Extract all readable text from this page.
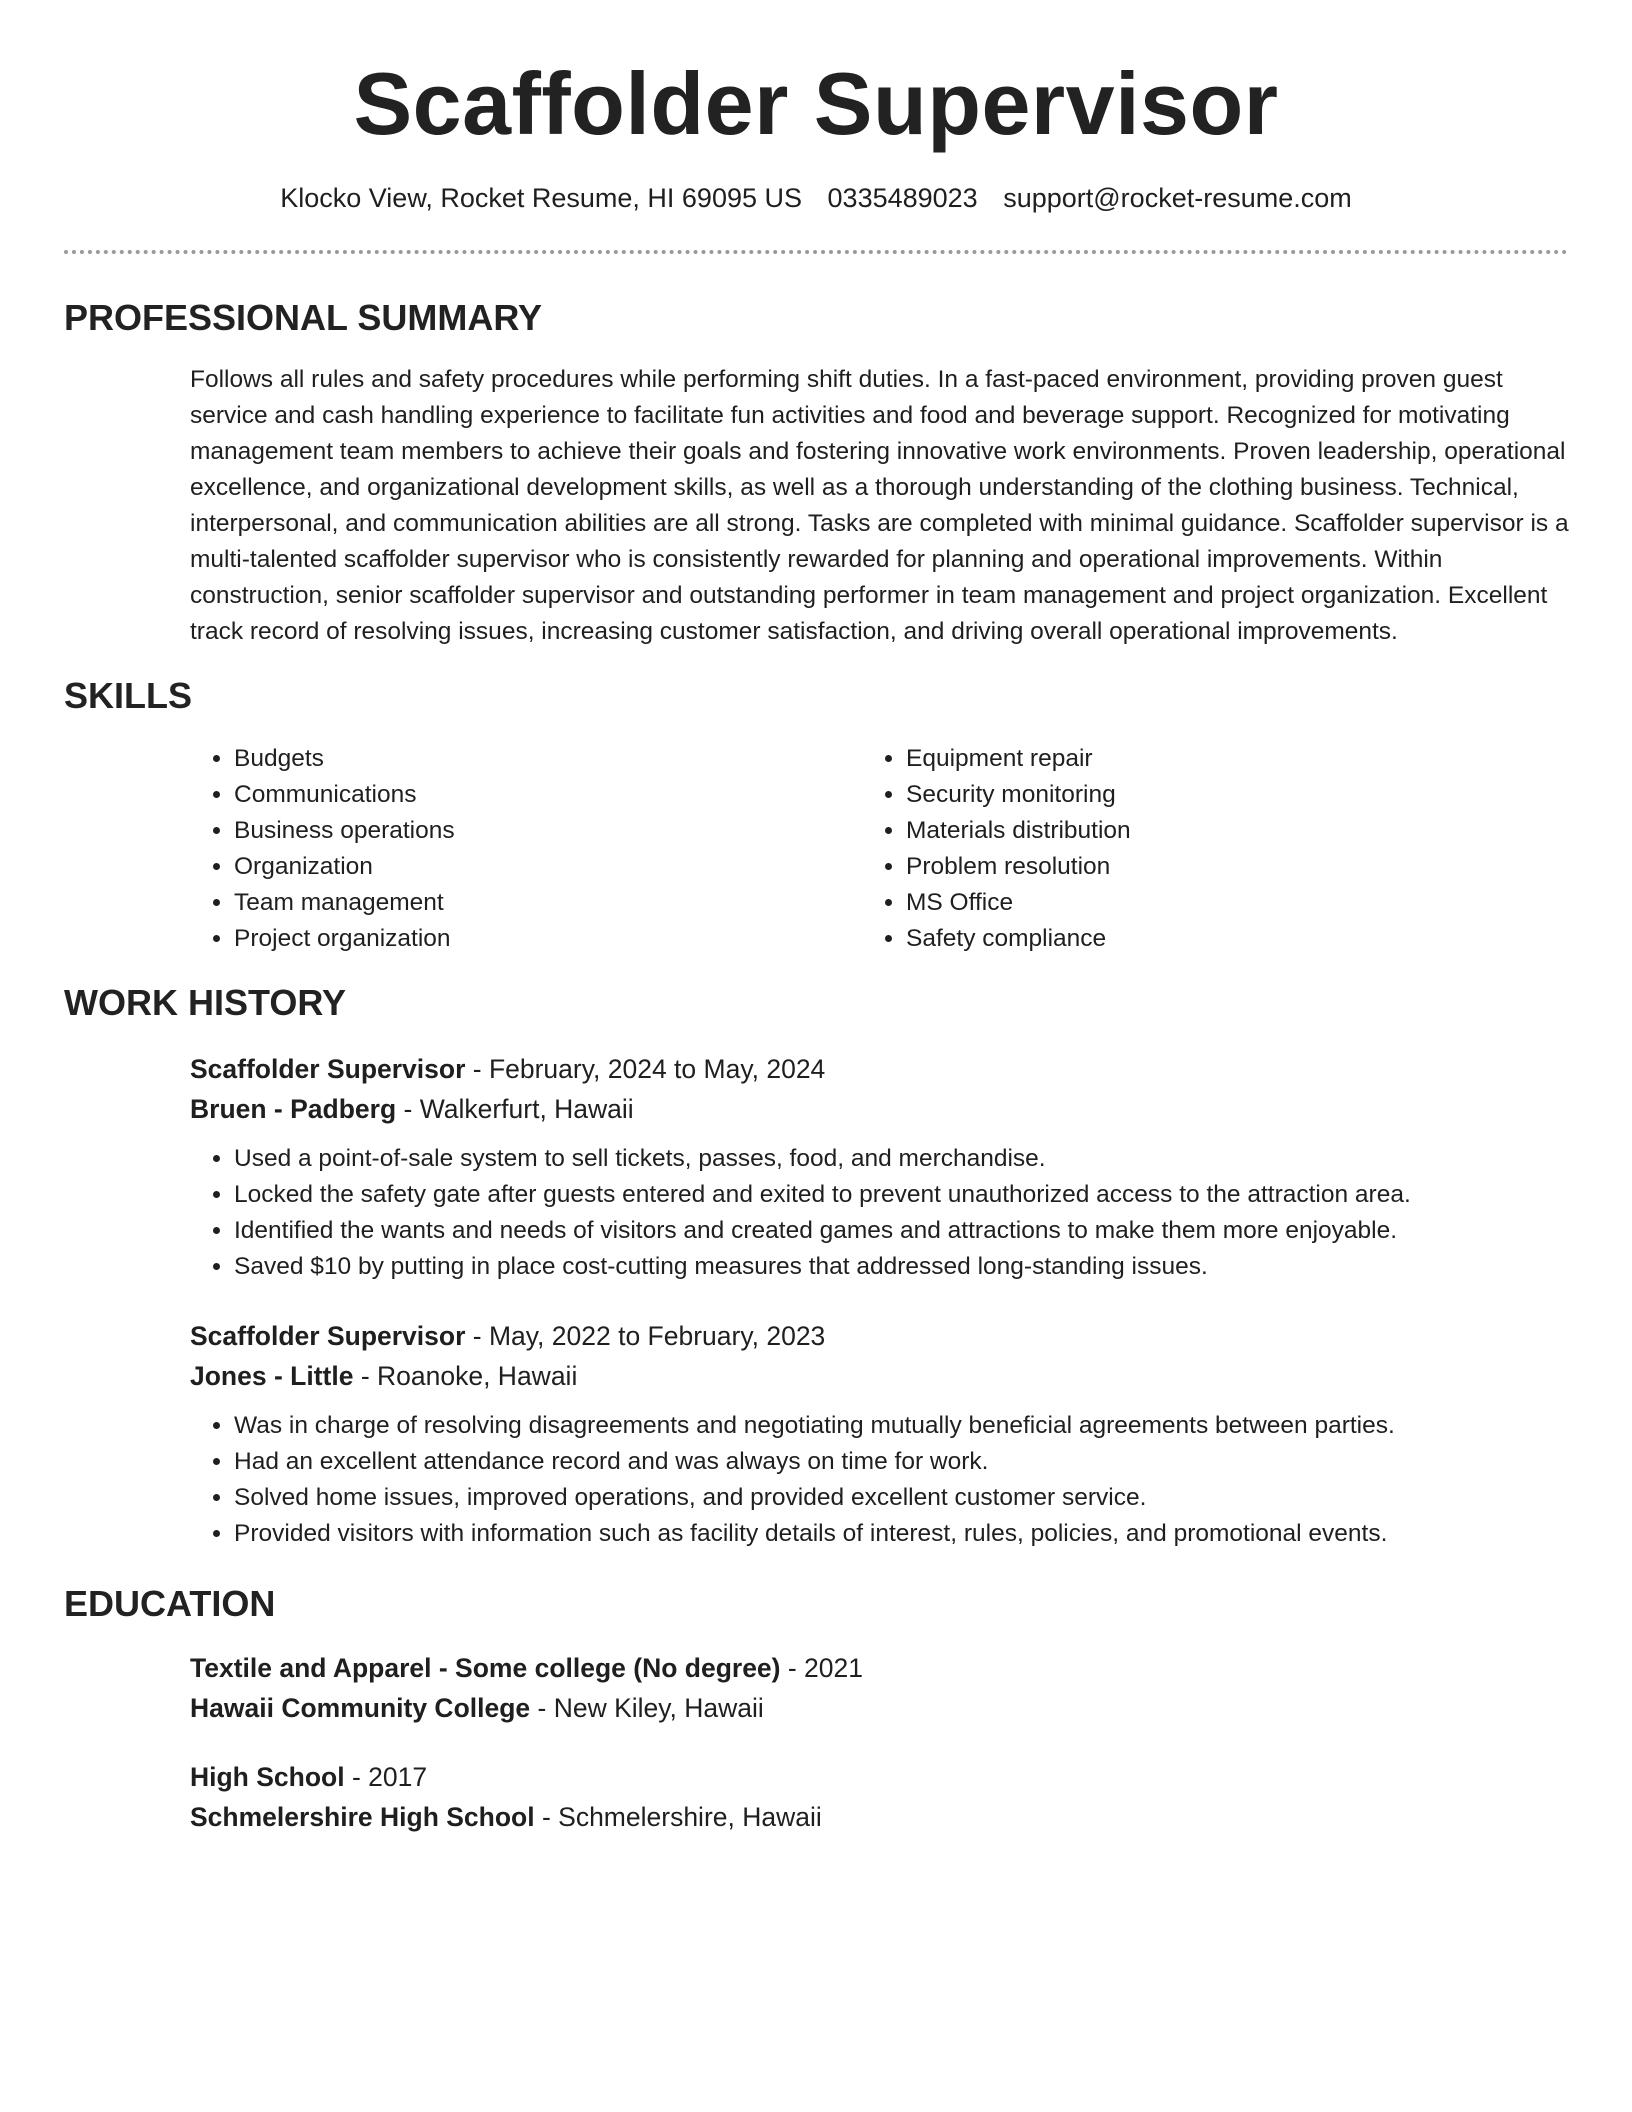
Scaffolder Supervisor
Klocko View, Rocket Resume, HI 69095 US 0335489023 support@rocket-resume.com
PROFESSIONAL SUMMARY

Follows all rules and safety procedures while performing shift duties. In a fast-paced environment, providing proven guest service and cash handling experience to facilitate fun activities and food and beverage support. Recognized for motivating management team members to achieve their goals and fostering innovative work environments. Proven leadership, operational excellence, and organizational development skills, as well as a thorough understanding of the clothing business. Technical, interpersonal, and communication abilities are all strong. Tasks are completed with minimal guidance. Scaffolder supervisor is a multi-talented scaffolder supervisor who is consistently rewarded for planning and operational improvements. Within construction, senior scaffolder supervisor and outstanding performer in team management and project organization. Excellent track record of resolving issues, increasing customer satisfaction, and driving overall operational improvements.

SKILLS
• Budgets
• Communications
• Business operations
• Organization
• Team management
• Project organization
• Equipment repair
• Security monitoring
• Materials distribution
• Problem resolution
• MS Office
• Safety compliance
WORK HISTORY
Scaffolder Supervisor - February, 2024 to May, 2024
Bruen - Padberg - Walkerfurt, Hawaii
• Used a point-of-sale system to sell tickets, passes, food, and merchandise.
• Locked the safety gate after guests entered and exited to prevent unauthorized access to the attraction area.
• Identified the wants and needs of visitors and created games and attractions to make them more enjoyable.
• Saved $10 by putting in place cost-cutting measures that addressed long-standing issues.
Scaffolder Supervisor - May, 2022 to February, 2023
Jones - Little - Roanoke, Hawaii
• Was in charge of resolving disagreements and negotiating mutually beneficial agreements between parties.
• Had an excellent attendance record and was always on time for work.
• Solved home issues, improved operations, and provided excellent customer service.
• Provided visitors with information such as facility details of interest, rules, policies, and promotional events.
EDUCATION
Textile and Apparel - Some college (No degree) - 2021
Hawaii Community College - New Kiley, Hawaii
High School - 2017
Schmelershire High School - Schmelershire, Hawaii
